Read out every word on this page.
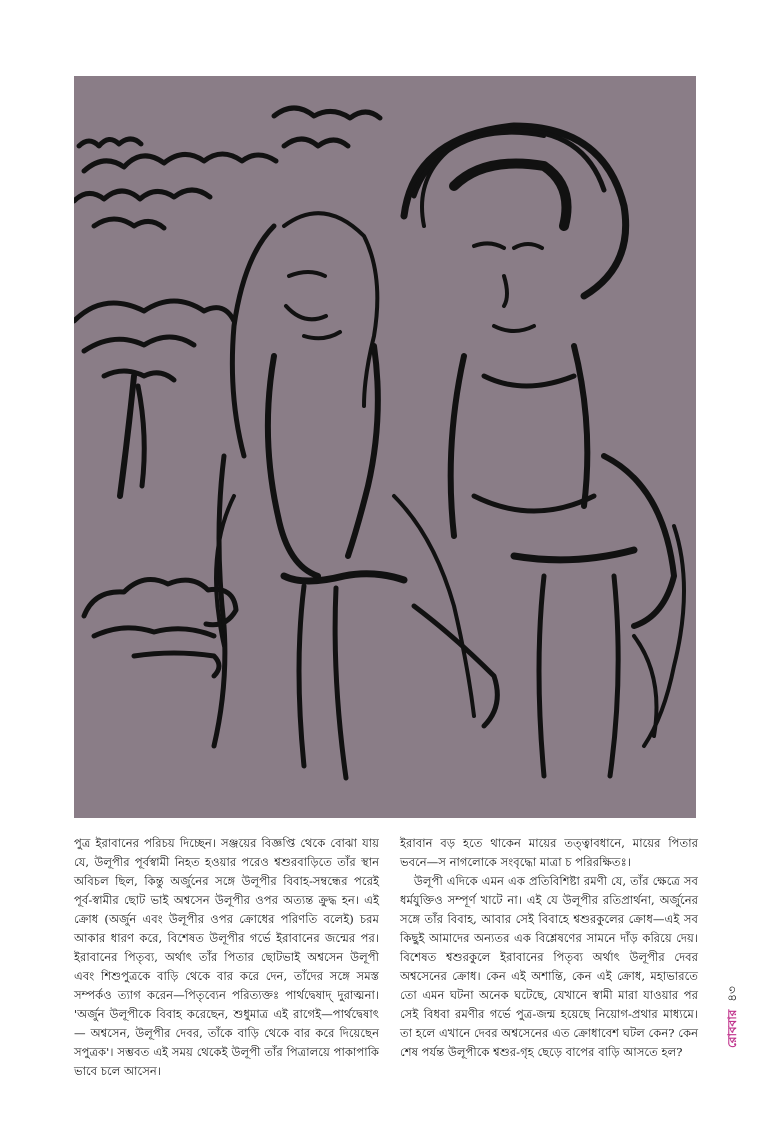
পুত্র ইরাবানের পরিচয় দিচ্ছেন। সঞ্জয়ের বিজ্ঞপ্তি থেকে বোঝা যায় যে, উলূপীর পূর্বস্বামী নিহত হওয়ার পরেও শ্বশুরবাড়িতে তাঁর স্থান অবিচল ছিল, কিন্তু অর্জুনের সঙ্গে উলূপীর বিবাহ-সম্বন্ধের পরেই পূর্ব-স্বামীর ছোট ভাই অশ্বসেন উলূপীর ওপর অত্যন্ত ক্রুদ্ধ হন। এই ক্রোধ (অর্জুন এবং উলূপীর ওপর ক্রোধের পরিণতি বলেই) চরম আকার ধারণ করে, বিশেষত উলূপীর গর্ভে ইরাবানের জন্মের পর। ইরাবানের পিতৃব্য, অর্থাৎ তাঁর পিতার ছোটভাই অশ্বসেন উলূপী এবং শিশুপুত্রকে বাড়ি থেকে বার করে দেন, তাঁদের সঙ্গে সমস্ত সম্পর্কও ত্যাগ করেন—পিতৃব্যেন পরিত্যক্তঃ পার্থদ্বেষাদ্‌ দুরাত্মনা। 'অর্জুন উলূপীকে বিবাহ করেছেন, শুধুমাত্র এই রাগেই—পার্থদ্বেষাৎ— অশ্বসেন, উলূপীর দেবর, তাঁকে বাড়ি থেকে বার করে দিয়েছেন সপুত্রক'। সম্ভবত এই সময় থেকেই উলূপী তাঁর পিত্রালয়ে পাকাপাকি ভাবে চলে আসেন।

ইরাবান বড় হতে থাকেন মায়ের তত্ত্বাবধানে, মায়ের পিতার ভবনে—স নাগলোকে সংবৃদ্ধো মাত্রা চ পরিরক্ষিতঃ।

উলূপী এদিকে এমন এক প্রতিবিশিষ্টা রমণী যে, তাঁর ক্ষেত্রে সব ধর্মযুক্তিও সম্পূর্ণ খাটে না। এই যে উলূপীর রতিপ্রার্থনা, অর্জুনের সঙ্গে তাঁর বিবাহ, আবার সেই বিবাহে শ্বশুরকুলের ক্রোধ—এই সব কিছুই আমাদের অন্যতর এক বিশ্লেষণের সামনে দাঁড় করিয়ে দেয়। বিশেষত শ্বশুরকুলে ইরাবানের পিতৃব্য অর্থাৎ উলূপীর দেবর অশ্বসেনের ক্রোধ। কেন এই অশান্তি, কেন এই ক্রোধ, মহাভারতে তো এমন ঘটনা অনেক ঘটেছে, যেখানে স্বামী মারা যাওয়ার পর সেই বিধবা রমণীর গর্ভে পুত্র-জন্ম হয়েছে নিয়োগ-প্রথার মাধ্যমে। তা হলে এখানে দেবর অশ্বসেনের এত ক্রোধাবেশ ঘটল কেন? কেন শেষ পর্যন্ত উলূপীকে শ্বশুর-গৃহ ছেড়ে বাপের বাড়ি আসতে হল?

রোববার ৪৩
